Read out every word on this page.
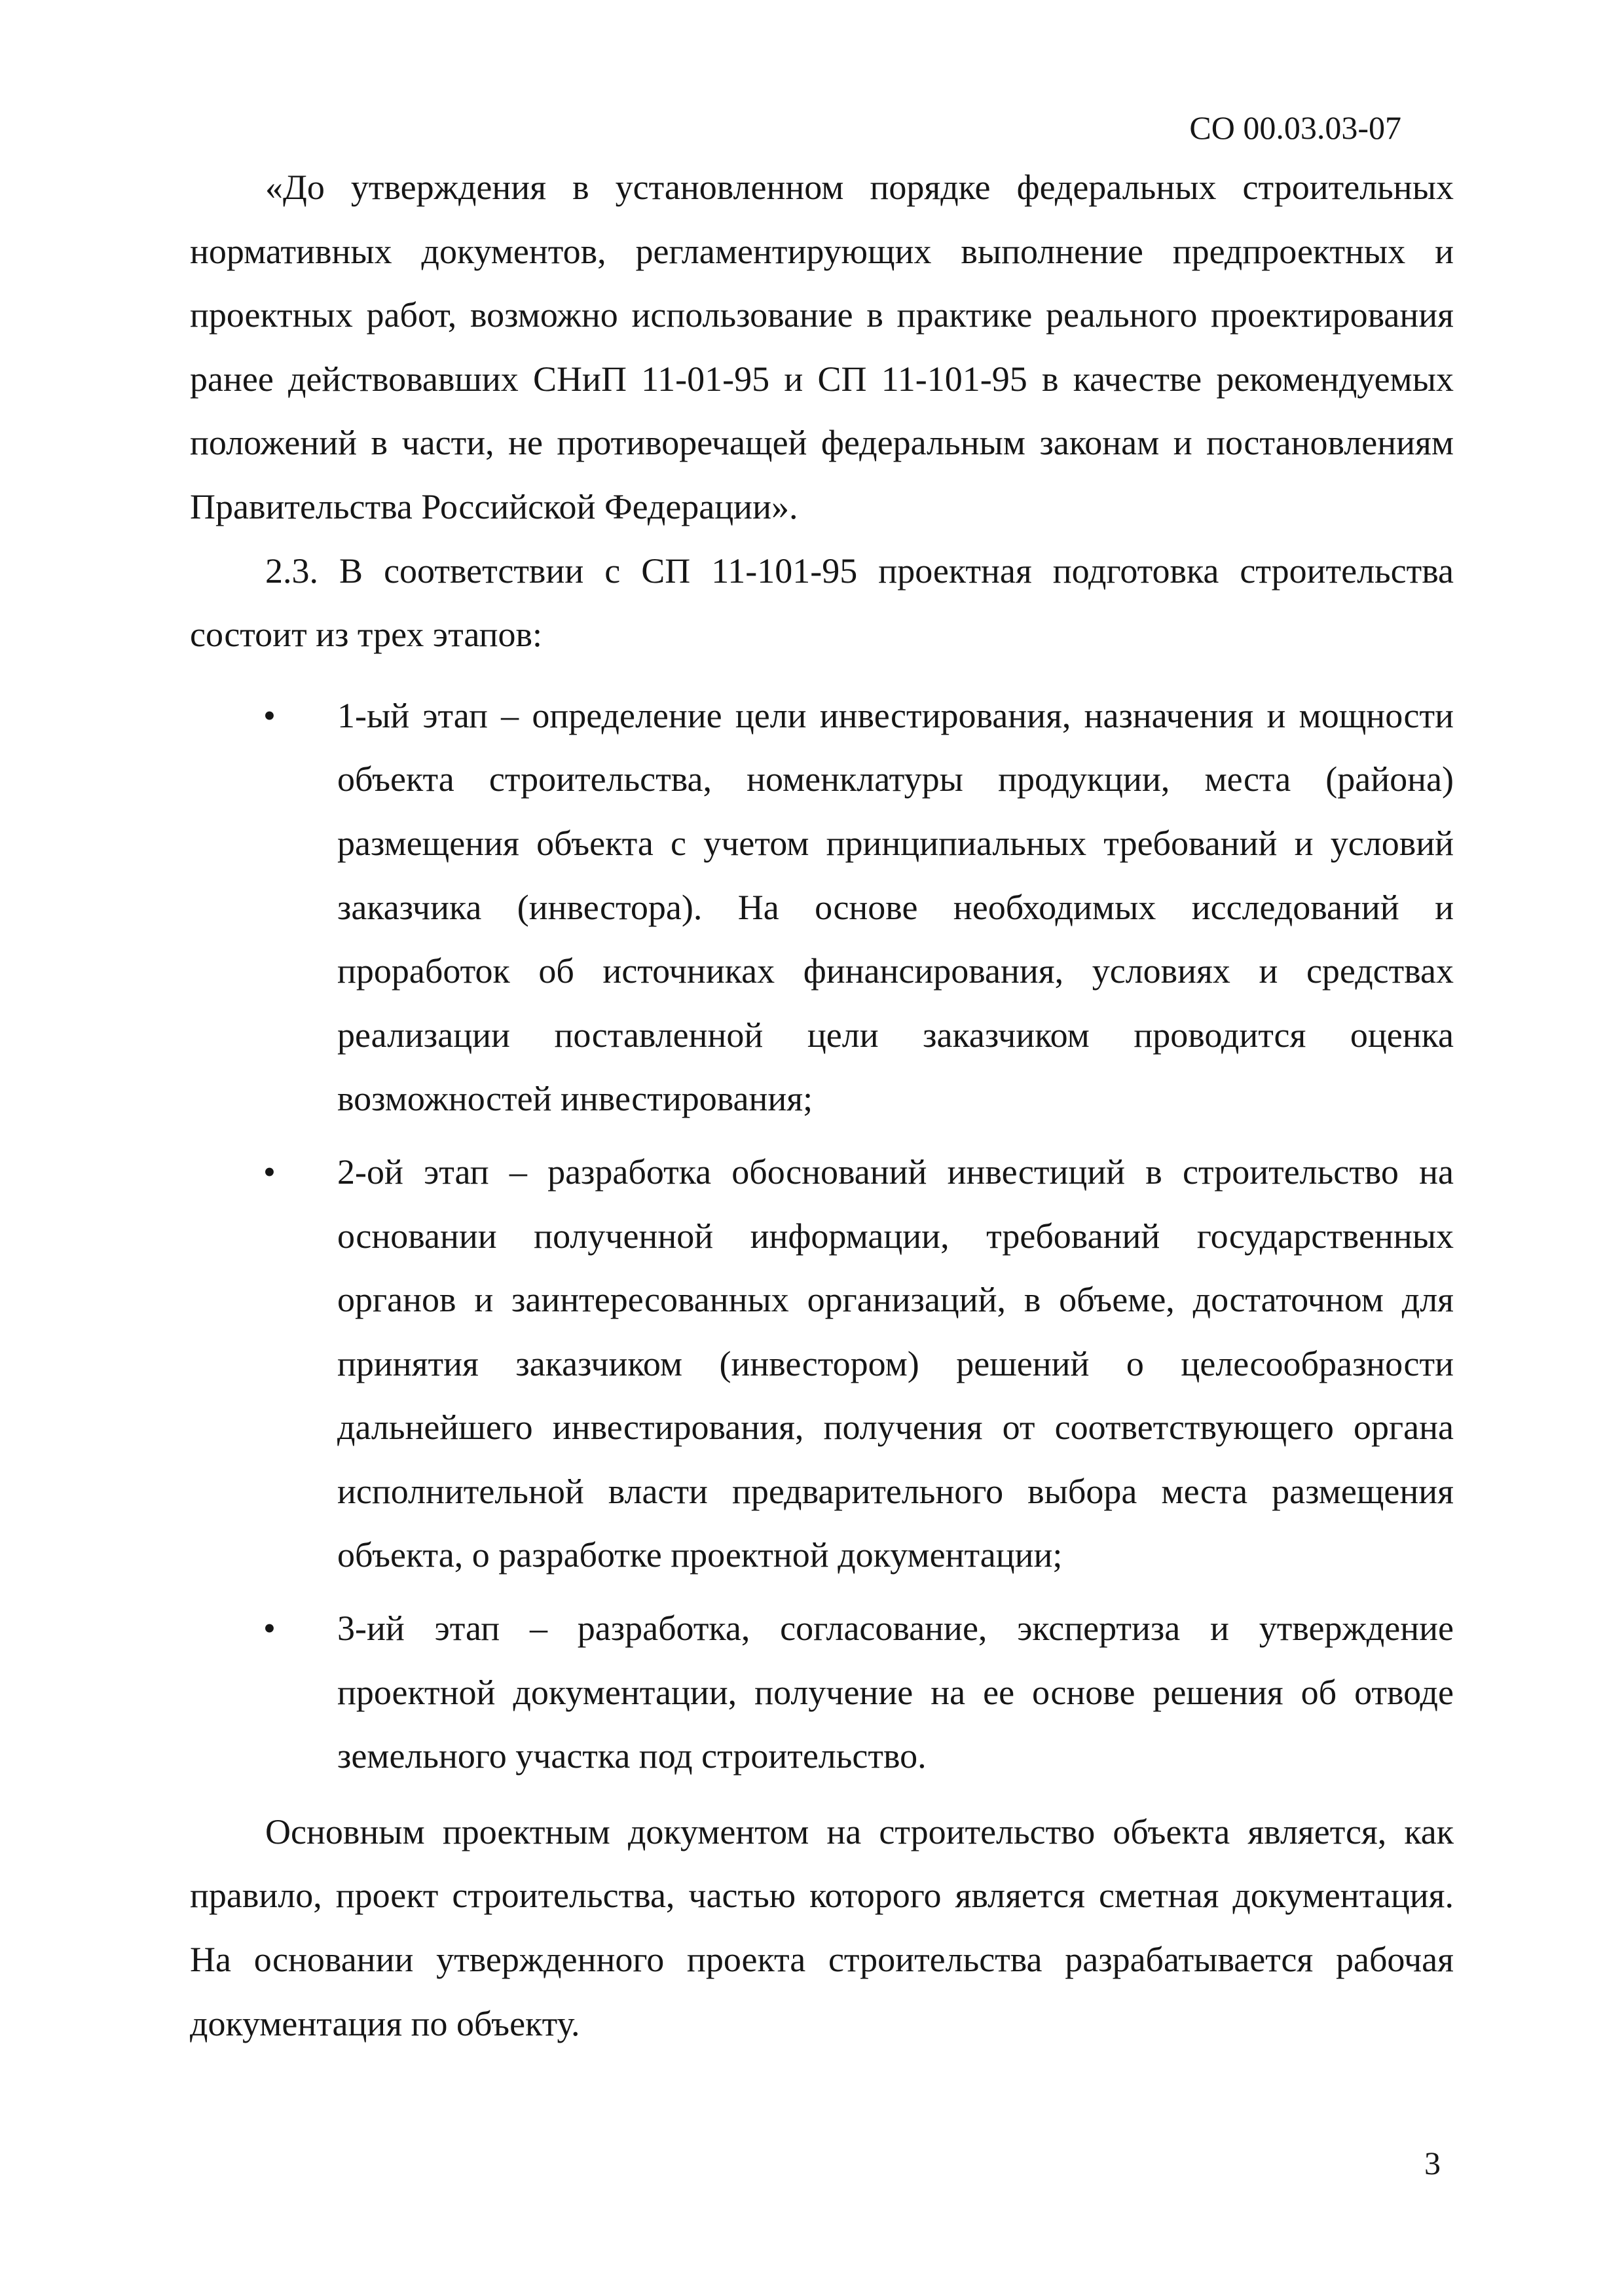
СО 00.03.03-07

«До утверждения в установленном порядке федеральных строительных нормативных документов, регламентирующих выполнение предпроектных и проектных работ, возможно использование в практике реального проектирования ранее действовавших СНиП 11-01-95 и СП 11-101-95 в качестве рекомендуемых положений в части, не противоречащей федеральным законам и постановлениям Правительства Российской Федерации».

2.3. В соответствии с СП 11-101-95 проектная подготовка строительства состоит из трех этапов:

• 1-ый этап – определение цели инвестирования, назначения и мощности объекта строительства, номенклатуры продукции, места (района) размещения объекта с учетом принципиальных требований и условий заказчика (инвестора). На основе необходимых исследований и проработок об источниках финансирования, условиях и средствах реализации поставленной цели заказчиком проводится оценка возможностей инвестирования;
• 2-ой этап – разработка обоснований инвестиций в строительство на основании полученной информации, требований государственных органов и заинтересованных организаций, в объеме, достаточном для принятия заказчиком (инвестором) решений о целесообразности дальнейшего инвестирования, получения от соответствующего органа исполнительной власти предварительного выбора места размещения объекта, о разработке проектной документации;
• 3-ий этап – разработка, согласование, экспертиза и утверждение проектной документации, получение на ее основе решения об отводе земельного участка под строительство.

Основным проектным документом на строительство объекта является, как правило, проект строительства, частью которого является сметная документация. На основании утвержденного проекта строительства разрабатывается рабочая документация по объекту.

3
